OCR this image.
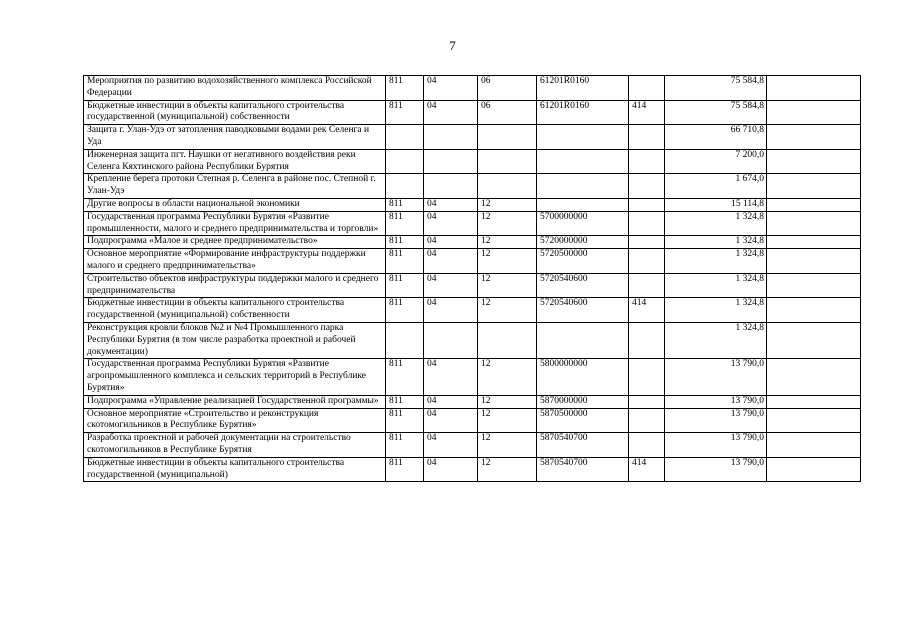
7
Мероприятия по развитию водохозяйственного комплекса Российской Федерации	811	04	06	61201R0160		75 584,8	
Бюджетные инвестиции в объекты капитального строительства государственной (муниципальной) собственности	811	04	06	61201R0160	414	75 584,8	
Защита г. Улан-Удэ от затопления паводковыми водами рек Селенга и Уда						66 710,8	
Инженерная защита пгт. Наушки от негативного воздействия реки Селенга Кяхтинского района Республики Бурятия						7 200,0	
Крепление берега протоки Степная р. Селенга в районе пос. Степной г. Улан-Удэ						1 674,0	
Другие вопросы в области национальной экономики	811	04	12			15 114,8	
Государственная программа Республики Бурятия «Развитие промышленности, малого и среднего предпринимательства и торговли»	811	04	12	5700000000		1 324,8	
Подпрограмма «Малое и среднее предпринимательство»	811	04	12	5720000000		1 324,8	
Основное мероприятие «Формирование инфраструктуры поддержки малого и среднего предпринимательства»	811	04	12	5720500000		1 324,8	
Строительство объектов инфраструктуры поддержки малого и среднего предпринимательства	811	04	12	5720540600		1 324,8	
Бюджетные инвестиции в объекты капитального строительства государственной (муниципальной) собственности	811	04	12	5720540600	414	1 324,8	
Реконструкция кровли блоков №2 и №4 Промышленного парка Республики Бурятия (в том числе разработка проектной и рабочей документации)						1 324,8	
Государственная программа Республики Бурятия «Развитие агропромышленного комплекса и сельских территорий в Республике Бурятия»	811	04	12	5800000000		13 790,0	
Подпрограмма «Управление реализацией Государственной программы»	811	04	12	5870000000		13 790,0	
Основное мероприятие «Строительство и реконструкция скотомогильников в Республике Бурятия»	811	04	12	5870500000		13 790,0	
Разработка проектной и рабочей документации на строительство скотомогильников в Республике Бурятия	811	04	12	5870540700		13 790,0	
Бюджетные инвестиции в объекты капитального строительства государственной (муниципальной)	811	04	12	5870540700	414	13 790,0	
